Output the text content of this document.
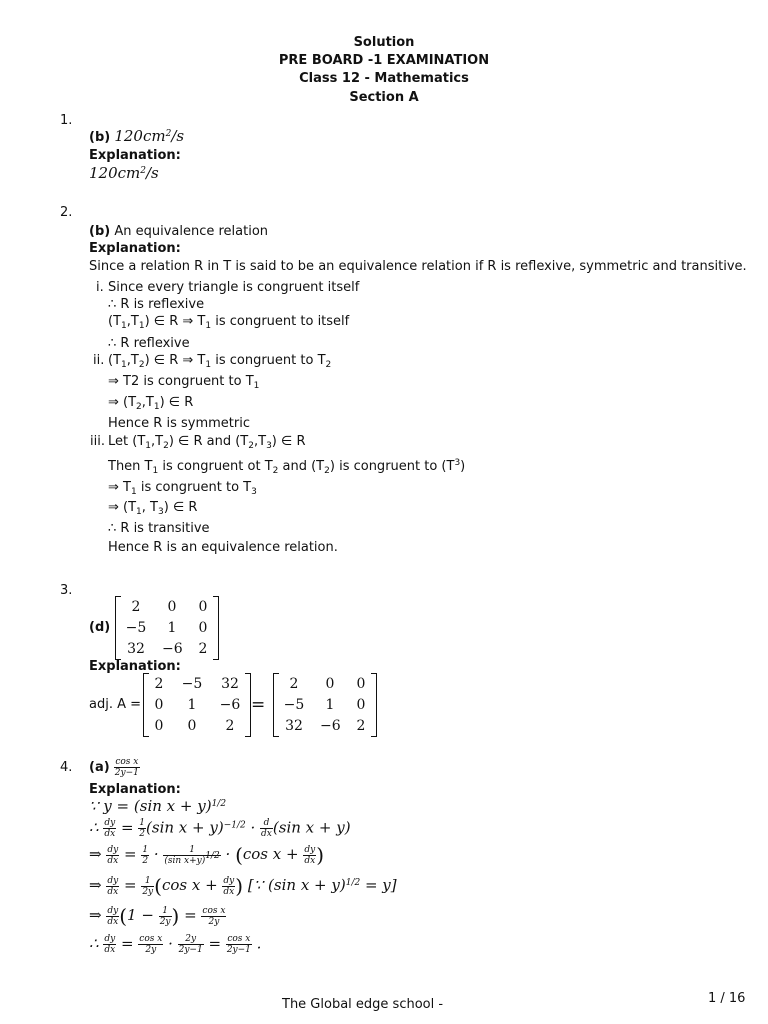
Solution
PRE BOARD -1 EXAMINATION
Class 12 - Mathematics
Section A
1.
(b) $120cm^2/s$
Explanation:
$120cm^2/s$
2.
(b) An equivalence relation
Explanation:
Since a relation R in T is said to be an equivalence relation if R is reflexive, symmetric and transitive.
i. Since every triangle is congruent itself
∴ R is reflexive
$(T_1,T_1)$ ∈ R ⇒ $T_1$ is congruent to itself
∴ R reflexive
ii. $(T_1,T_2)$ ∈ R ⇒ $T_1$ is congruent to $T_2$
⇒ T2 is congruent to $T_1$
⇒ $(T_2,T_1)$ ∈ R
Hence R is symmetric
iii. Let $(T_1,T_2)$ ∈ R and $(T_2,T_3)$ ∈ R
Then $T_1$ is congruent ot $T_2$ and $(T_2)$ is congruent to $(T^3)$
⇒ $T_1$ is congruent to $T_3$
⇒ ($T_1$, $T_3$) ∈ R
∴ R is transitive
Hence R is an equivalence relation.
3.
(d)
2	0	0
−5	1	0
32 −6 2
Explanation:
adj. A =
2 −5 32
0	1	−6
0	0	2
=
2	0	0
−5	1	0
32 −6 2
4. $(a) \frac{\text{cos x}}{2y-1}$
Explanation:
∵ y = (sin x + y)$^{1/2}$
∴ $\frac{dy}{dx} = \frac{1}{2} (\sin$ $x + y)^{-1/2} \cdot \frac{d}{dx} (\sin$ x + y)
⇒ $\frac{dy}{dx} = \frac{1}{2} \cdot \frac{1}{(\sin x+y)^{1/2}} \cdot (\cos$ $x + \frac{dy}{dx}$ )
⇒ $\frac{dy}{dx} = \frac{1}{2y} (\cos$ $x + \frac{dy}{dx}$ ) [∵ (sin x + y)$^{1/2}$ = y]
⇒ $\frac{dy}{dx} (1 - \frac{1}{2y}$ ) = $\frac{\text{cos x}}{2y}$
∴ $\frac{dy}{dx} = \frac{\text{cos x}}{2y} \cdot \frac{2y}{2y-1} = \frac{\text{cos x}}{2y-1}$ .
The Global edge school -	1 / 16
